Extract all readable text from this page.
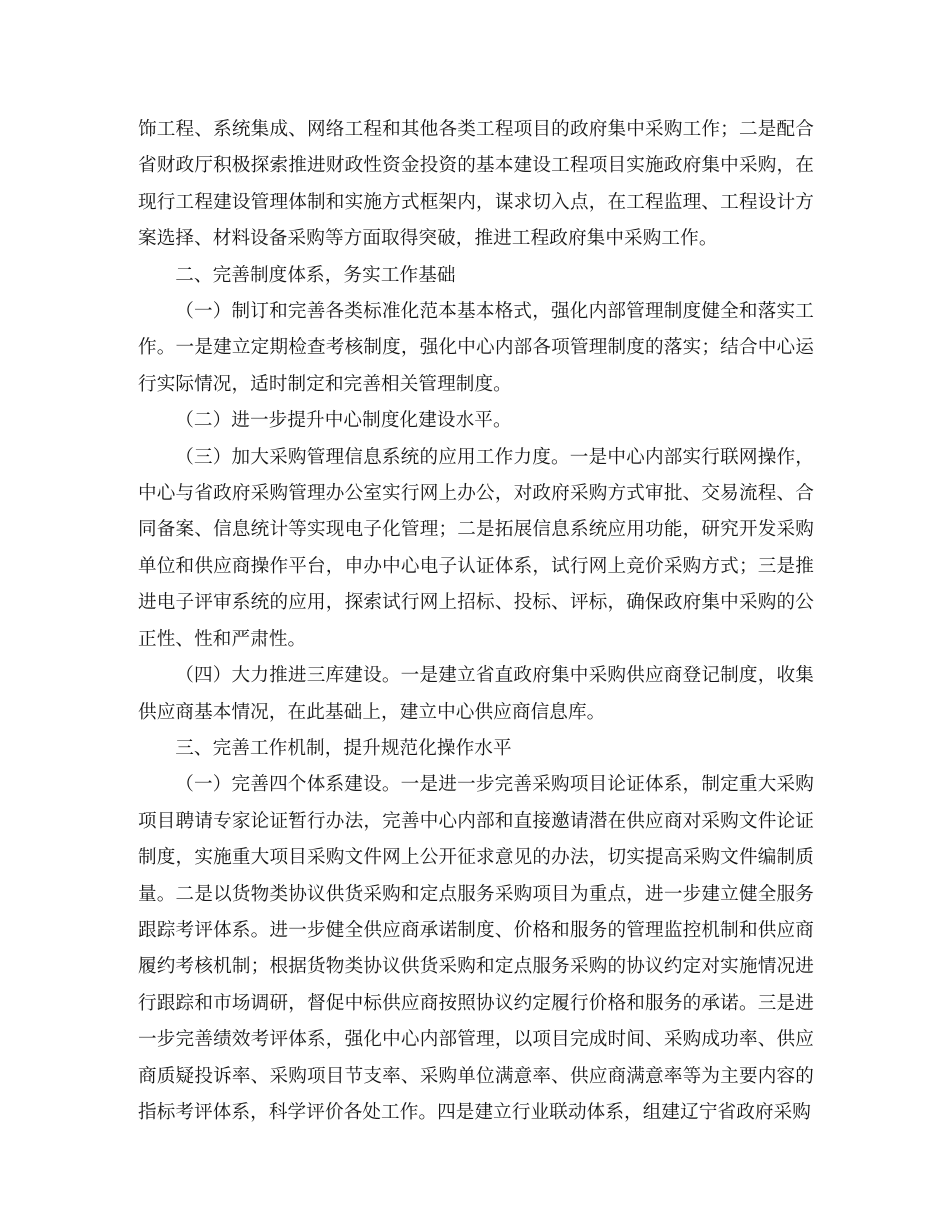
饰工程、系统集成、网络工程和其他各类工程项目的政府集中采购工作；二是配合省财政厅积极探索推进财政性资金投资的基本建设工程项目实施政府集中采购，在现行工程建设管理体制和实施方式框架内，谋求切入点，在工程监理、工程设计方案选择、材料设备采购等方面取得突破，推进工程政府集中采购工作。

二、完善制度体系，务实工作基础

（一）制订和完善各类标准化范本基本格式，强化内部管理制度健全和落实工作。一是建立定期检查考核制度，强化中心内部各项管理制度的落实；结合中心运行实际情况，适时制定和完善相关管理制度。

（二）进一步提升中心制度化建设水平。

（三）加大采购管理信息系统的应用工作力度。一是中心内部实行联网操作，中心与省政府采购管理办公室实行网上办公，对政府采购方式审批、交易流程、合同备案、信息统计等实现电子化管理；二是拓展信息系统应用功能，研究开发采购单位和供应商操作平台，申办中心电子认证体系，试行网上竞价采购方式；三是推进电子评审系统的应用，探索试行网上招标、投标、评标，确保政府集中采购的公正性、性和严肃性。

（四）大力推进三库建设。一是建立省直政府集中采购供应商登记制度，收集供应商基本情况，在此基础上，建立中心供应商信息库。

三、完善工作机制，提升规范化操作水平

（一）完善四个体系建设。一是进一步完善采购项目论证体系，制定重大采购项目聘请专家论证暂行办法，完善中心内部和直接邀请潜在供应商对采购文件论证制度，实施重大项目采购文件网上公开征求意见的办法，切实提高采购文件编制质量。二是以货物类协议供货采购和定点服务采购项目为重点，进一步建立健全服务跟踪考评体系。进一步健全供应商承诺制度、价格和服务的管理监控机制和供应商履约考核机制；根据货物类协议供货采购和定点服务采购的协议约定对实施情况进行跟踪和市场调研，督促中标供应商按照协议约定履行价格和服务的承诺。三是进一步完善绩效考评体系，强化中心内部管理，以项目完成时间、采购成功率、供应商质疑投诉率、采购项目节支率、采购单位满意率、供应商满意率等为主要内容的指标考评体系，科学评价各处工作。四是建立行业联动体系，组建辽宁省政府采购
